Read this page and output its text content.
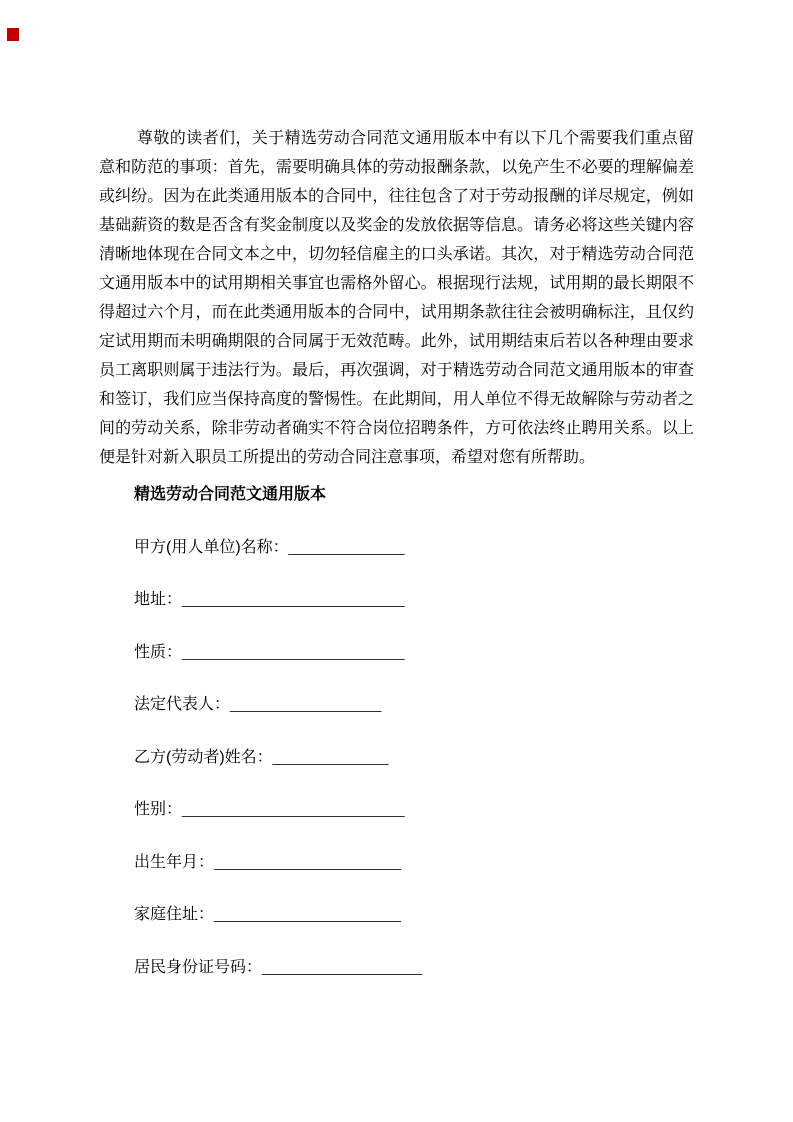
尊敬的读者们，关于精选劳动合同范文通用版本中有以下几个需要我们重点留意和防范的事项：首先，需要明确具体的劳动报酬条款，以免产生不必要的理解偏差或纠纷。因为在此类通用版本的合同中，往往包含了对于劳动报酬的详尽规定，例如基础薪资的数是否含有奖金制度以及奖金的发放依据等信息。请务必将这些关键内容清晰地体现在合同文本之中，切勿轻信雇主的口头承诺。其次，对于精选劳动合同范文通用版本中的试用期相关事宜也需格外留心。根据现行法规，试用期的最长期限不得超过六个月，而在此类通用版本的合同中，试用期条款往往会被明确标注，且仅约定试用期而未明确期限的合同属于无效范畴。此外，试用期结束后若以各种理由要求员工离职则属于违法行为。最后，再次强调，对于精选劳动合同范文通用版本的审查和签订，我们应当保持高度的警惕性。在此期间，用人单位不得无故解除与劳动者之间的劳动关系，除非劳动者确实不符合岗位招聘条件，方可依法终止聘用关系。以上便是针对新入职员工所提出的劳动合同注意事项，希望对您有所帮助。

精选劳动合同范文通用版本

甲方(用人单位)名称：_____________
地址：_________________________
性质：_________________________
法定代表人：_________________
乙方(劳动者)姓名：_____________
性别：_________________________
出生年月：_____________________
家庭住址：_____________________
居民身份证号码：__________________
